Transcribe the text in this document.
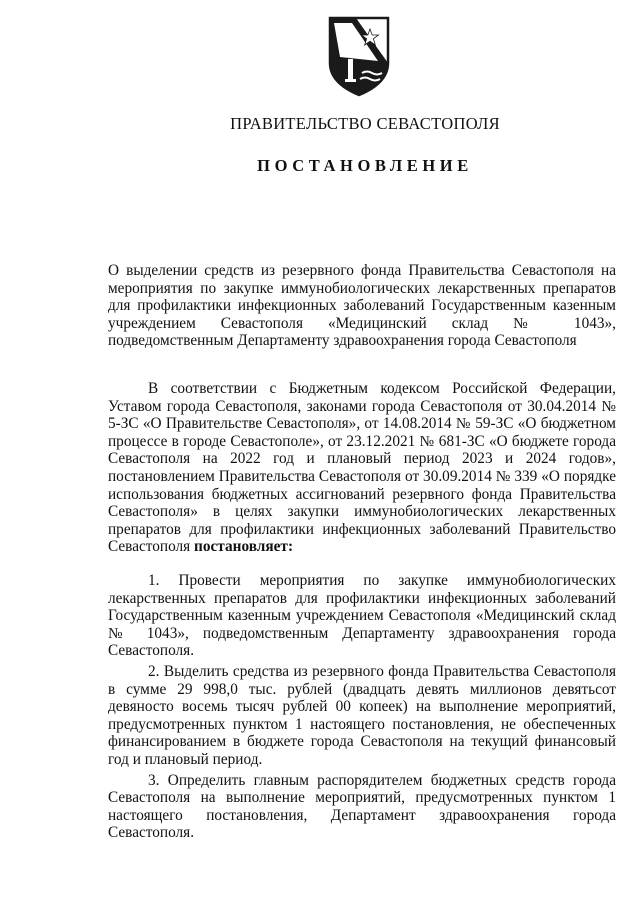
ПРАВИТЕЛЬСТВО СЕВАСТОПОЛЯ
ПОСТАНОВЛЕНИЕ
О выделении средств из резервного фонда Правительства Севастополя на мероприятия по закупке иммунобиологических лекарственных препаратов для профилактики инфекционных заболеваний Государственным казенным учреждением Севастополя «Медицинский склад № 1043», подведомственным Департаменту здравоохранения города Севастополя
В соответствии с Бюджетным кодексом Российской Федерации, Уставом города Севастополя, законами города Севастополя от 30.04.2014 № 5-ЗС «О Правительстве Севастополя», от 14.08.2014 № 59-ЗС «О бюджетном процессе в городе Севастополе», от 23.12.2021 № 681-ЗС «О бюджете города Севастополя на 2022 год и плановый период 2023 и 2024 годов», постановлением Правительства Севастополя от 30.09.2014 № 339 «О порядке использования бюджетных ассигнований резервного фонда Правительства Севастополя» в целях закупки иммунобиологических лекарственных препаратов для профилактики инфекционных заболеваний Правительство Севастополя постановляет:

1. Провести мероприятия по закупке иммунобиологических лекарственных препаратов для профилактики инфекционных заболеваний Государственным казенным учреждением Севастополя «Медицинский склад № 1043», подведомственным Департаменту здравоохранения города Севастополя.

2. Выделить средства из резервного фонда Правительства Севастополя в сумме 29 998,0 тыс. рублей (двадцать девять миллионов девятьсот девяносто восемь тысяч рублей 00 копеек) на выполнение мероприятий, предусмотренных пунктом 1 настоящего постановления, не обеспеченных финансированием в бюджете города Севастополя на текущий финансовый год и плановый период.

3. Определить главным распорядителем бюджетных средств города Севастополя на выполнение мероприятий, предусмотренных пунктом 1 настоящего постановления, Департамент здравоохранения города Севастополя.
